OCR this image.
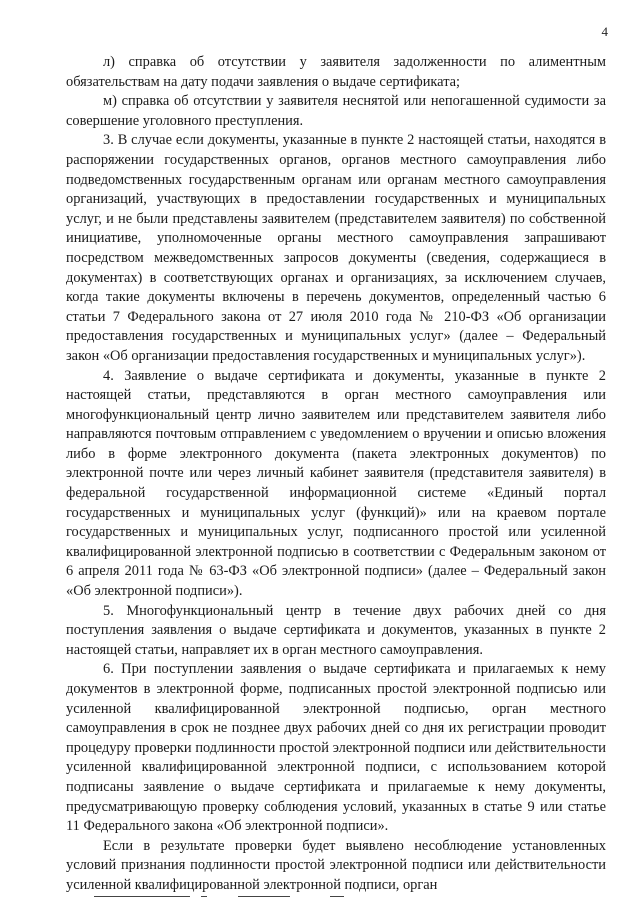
4

л) справка об отсутствии у заявителя задолженности по алиментным обязательствам на дату подачи заявления о выдаче сертификата;

м) справка об отсутствии у заявителя неснятой или непогашенной судимости за совершение уголовного преступления.

3. В случае если документы, указанные в пункте 2 настоящей статьи, находятся в распоряжении государственных органов, органов местного самоуправления либо подведомственных государственным органам или органам местного самоуправления организаций, участвующих в предоставлении государственных и муниципальных услуг, и не были представлены заявителем (представителем заявителя) по собственной инициативе, уполномоченные органы местного самоуправления запрашивают посредством межведомственных запросов документы (сведения, содержащиеся в документах) в соответствующих органах и организациях, за исключением случаев, когда такие документы включены в перечень документов, определенный частью 6 статьи 7 Федерального закона от 27 июля 2010 года № 210-ФЗ «Об организации предоставления государственных и муниципальных услуг» (далее – Федеральный закон «Об организации предоставления государственных и муниципальных услуг»).

4. Заявление о выдаче сертификата и документы, указанные в пункте 2 настоящей статьи, представляются в орган местного самоуправления или многофункциональный центр лично заявителем или представителем заявителя либо направляются почтовым отправлением с уведомлением о вручении и описью вложения либо в форме электронного документа (пакета электронных документов) по электронной почте или через личный кабинет заявителя (представителя заявителя) в федеральной государственной информационной системе «Единый портал государственных и муниципальных услуг (функций)» или на краевом портале государственных и муниципальных услуг, подписанного простой или усиленной квалифицированной электронной подписью в соответствии с Федеральным законом от 6 апреля 2011 года № 63-ФЗ «Об электронной подписи» (далее – Федеральный закон «Об электронной подписи»).

5. Многофункциональный центр в течение двух рабочих дней со дня поступления заявления о выдаче сертификата и документов, указанных в пункте 2 настоящей статьи, направляет их в орган местного самоуправления.

6. При поступлении заявления о выдаче сертификата и прилагаемых к нему документов в электронной форме, подписанных простой электронной подписью или усиленной квалифицированной электронной подписью, орган местного самоуправления в срок не позднее двух рабочих дней со дня их регистрации проводит процедуру проверки подлинности простой электронной подписи или действительности усиленной квалифицированной электронной подписи, с использованием которой подписаны заявление о выдаче сертификата и прилагаемые к нему документы, предусматривающую проверку соблюдения условий, указанных в статье 9 или статье 11 Федерального закона «Об электронной подписи».

Если в результате проверки будет выявлено несоблюдение установленных условий признания подлинности простой электронной подписи или действительности усиленной квалифицированной электронной подписи, орган
